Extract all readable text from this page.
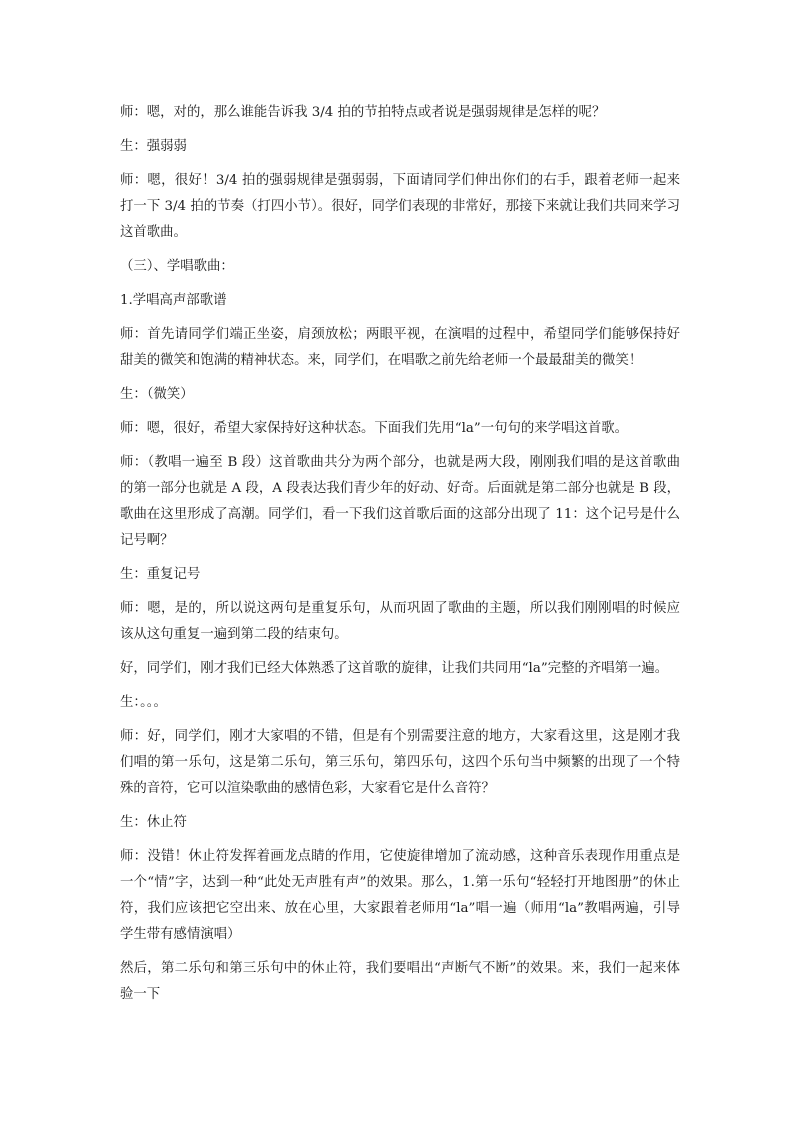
师：嗯，对的，那么谁能告诉我 3/4 拍的节拍特点或者说是强弱规律是怎样的呢？

生：强弱弱

师：嗯，很好！3/4 拍的强弱规律是强弱弱，下面请同学们伸出你们的右手，跟着老师一起来打一下 3/4 拍的节奏（打四小节）。很好，同学们表现的非常好，那接下来就让我们共同来学习这首歌曲。

（三）、学唱歌曲：

1.学唱高声部歌谱

师：首先请同学们端正坐姿，肩颈放松；两眼平视，在演唱的过程中，希望同学们能够保持好甜美的微笑和饱满的精神状态。来，同学们，在唱歌之前先给老师一个最最甜美的微笑！

生：（微笑）

师：嗯，很好，希望大家保持好这种状态。下面我们先用“la”一句句的来学唱这首歌。

师：（教唱一遍至 B 段）这首歌曲共分为两个部分，也就是两大段，刚刚我们唱的是这首歌曲的第一部分也就是 A 段，A 段表达我们青少年的好动、好奇。后面就是第二部分也就是 B 段，歌曲在这里形成了高潮。同学们，看一下我们这首歌后面的这部分出现了 11：这个记号是什么记号啊？

生：重复记号

师：嗯，是的，所以说这两句是重复乐句，从而巩固了歌曲的主题，所以我们刚刚唱的时候应该从这句重复一遍到第二段的结束句。

好，同学们，刚才我们已经大体熟悉了这首歌的旋律，让我们共同用“la”完整的齐唱第一遍。

生：。。。

师：好，同学们，刚才大家唱的不错，但是有个别需要注意的地方，大家看这里，这是刚才我们唱的第一乐句，这是第二乐句，第三乐句，第四乐句，这四个乐句当中频繁的出现了一个特殊的音符，它可以渲染歌曲的感情色彩，大家看它是什么音符？

生：休止符

师：没错！休止符发挥着画龙点睛的作用，它使旋律增加了流动感，这种音乐表现作用重点是一个“情”字，达到一种“此处无声胜有声”的效果。那么，1.第一乐句“轻轻打开地图册”的休止符，我们应该把它空出来、放在心里，大家跟着老师用“la”唱一遍（师用“la”教唱两遍，引导学生带有感情演唱）

然后，第二乐句和第三乐句中的休止符，我们要唱出“声断气不断”的效果。来，我们一起来体验一下
